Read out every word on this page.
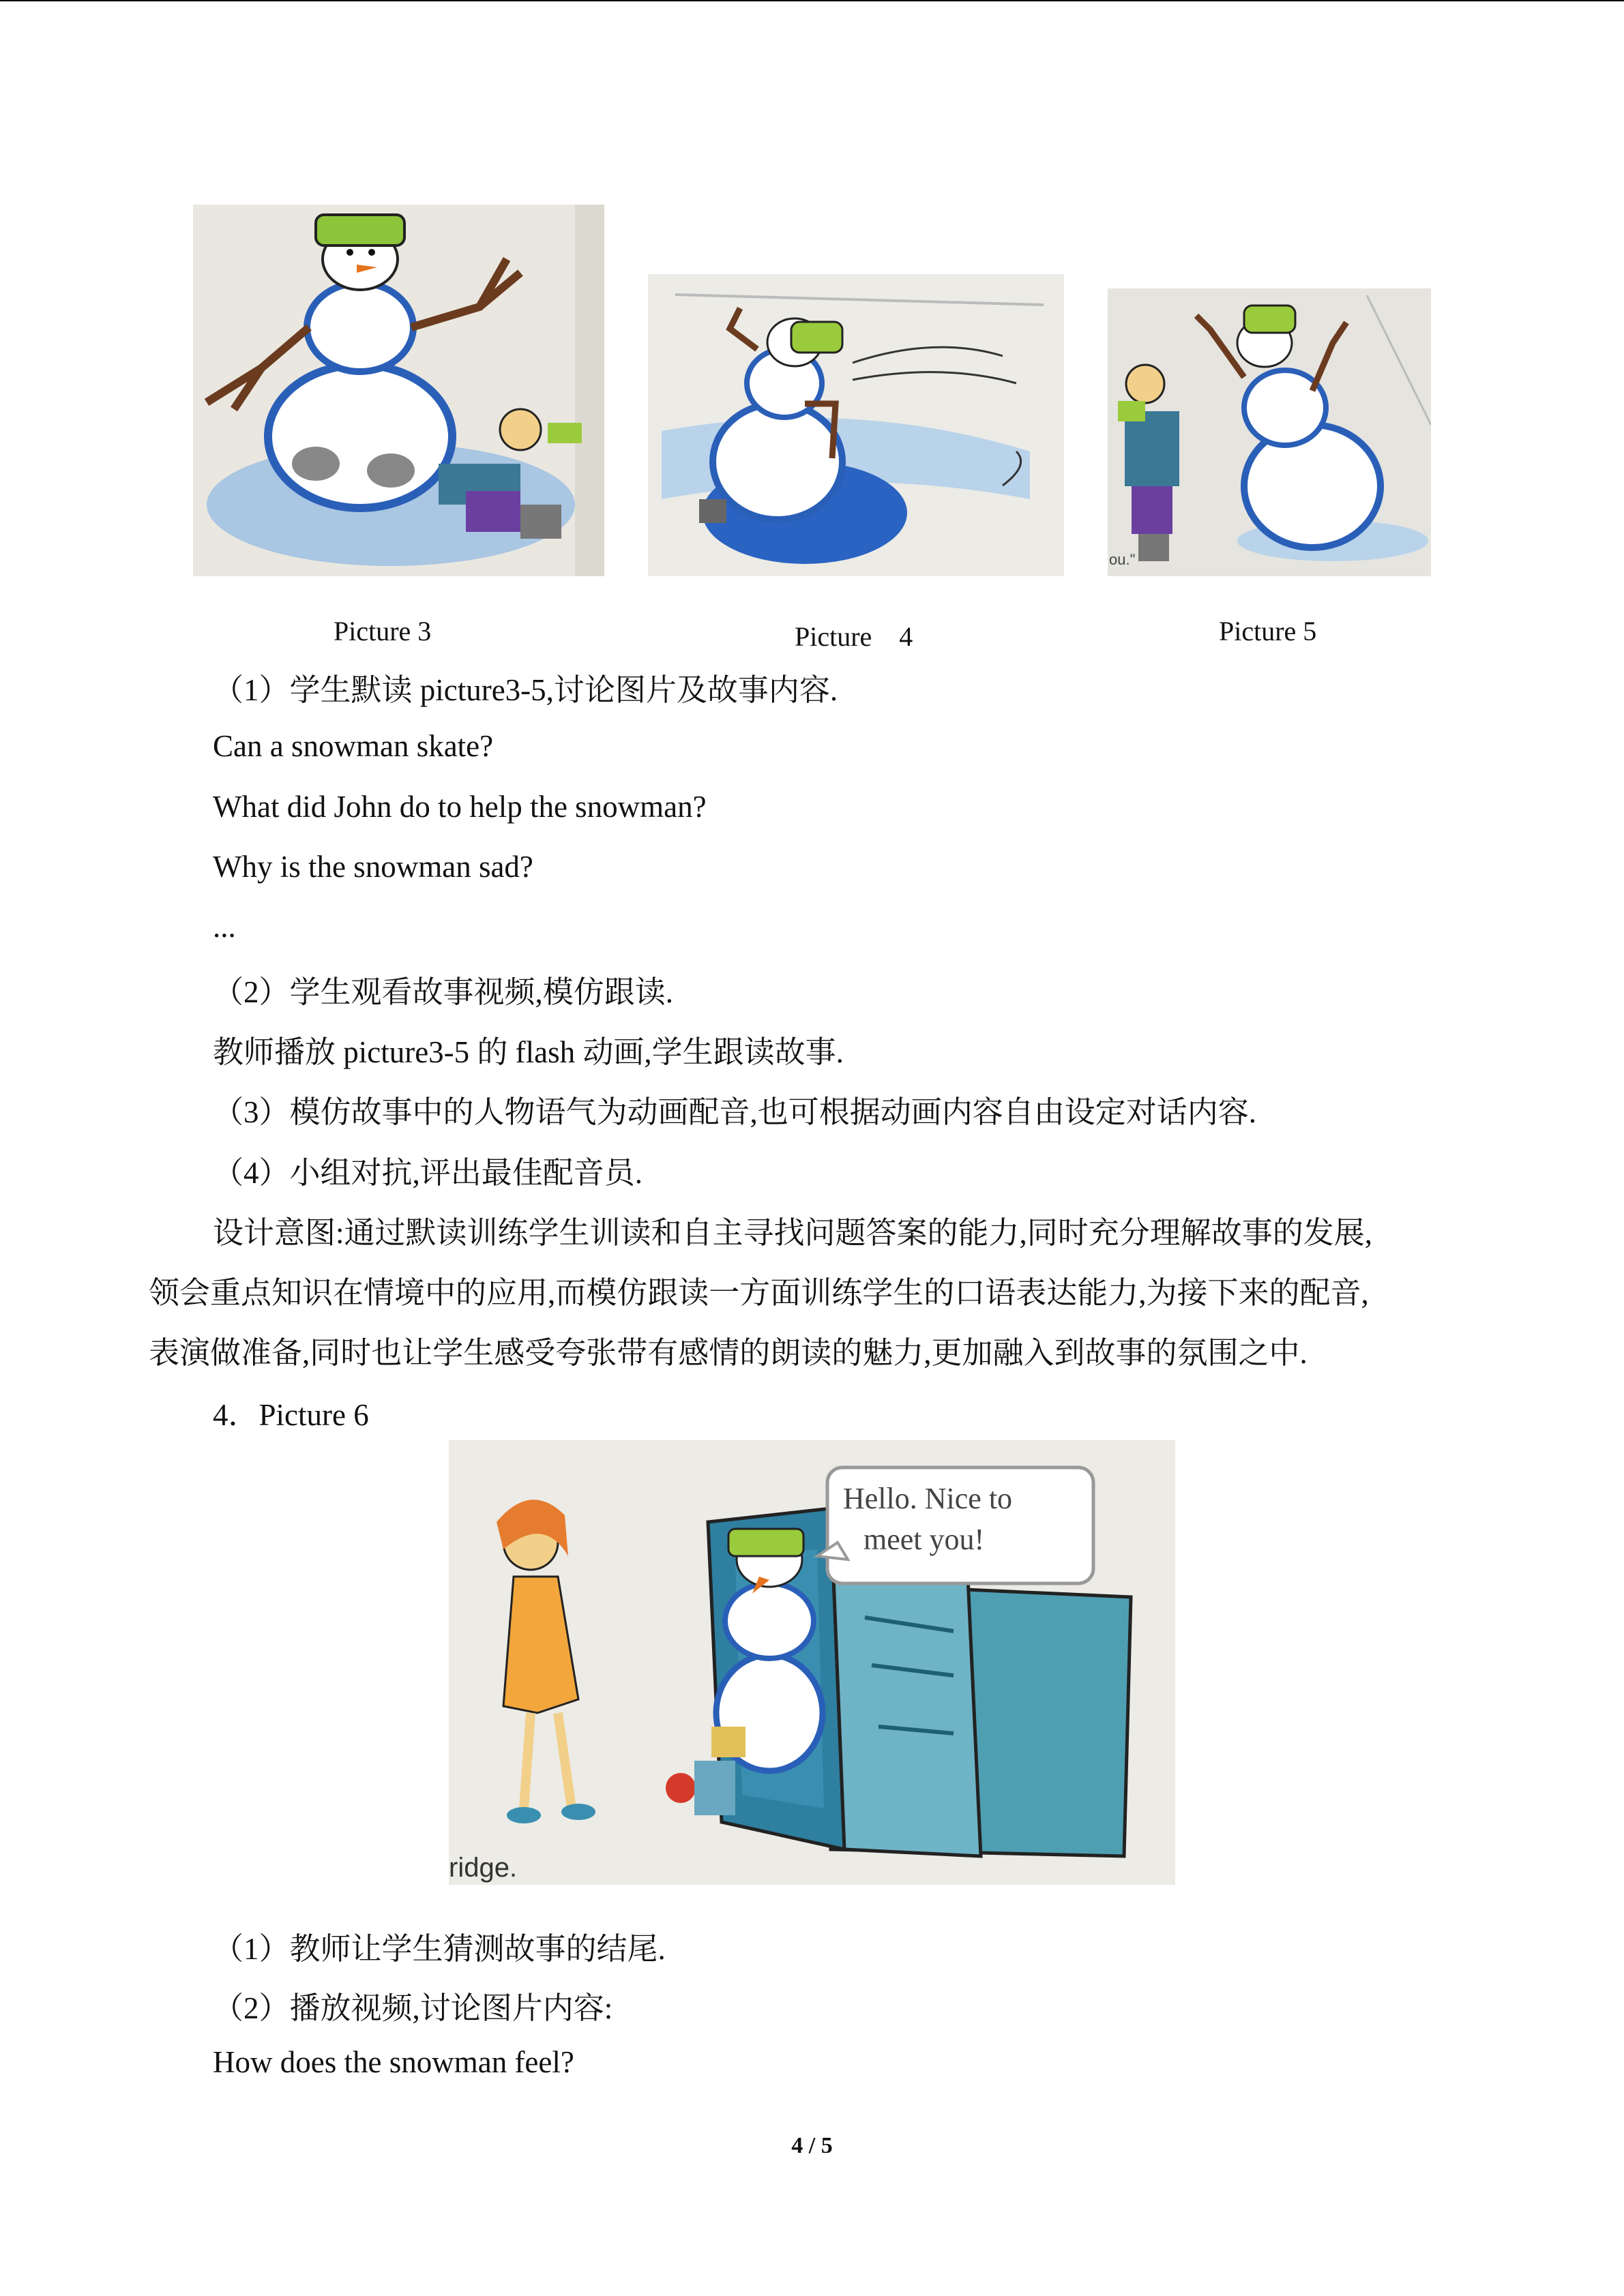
ou."
Picture 3	Picture　4	Picture 5
（1）学生默读 picture3-5,讨论图片及故事内容.
Can a snowman skate?
What did John do to help the snowman?
Why is the snowman sad?
...
（2）学生观看故事视频,模仿跟读.
教师播放 picture3-5 的 flash 动画,学生跟读故事.
（3）模仿故事中的人物语气为动画配音,也可根据动画内容自由设定对话内容.
（4）小组对抗,评出最佳配音员.
设计意图:通过默读训练学生训读和自主寻找问题答案的能力,同时充分理解故事的发展,
领会重点知识在情境中的应用,而模仿跟读一方面训练学生的口语表达能力,为接下来的配音,
表演做准备,同时也让学生感受夸张带有感情的朗读的魅力,更加融入到故事的氛围之中.
4．Picture 6
Hello. Nice to
meet you!
ridge.
（1）教师让学生猜测故事的结尾.
（2）播放视频,讨论图片内容:
How does the snowman feel?
4 / 5
